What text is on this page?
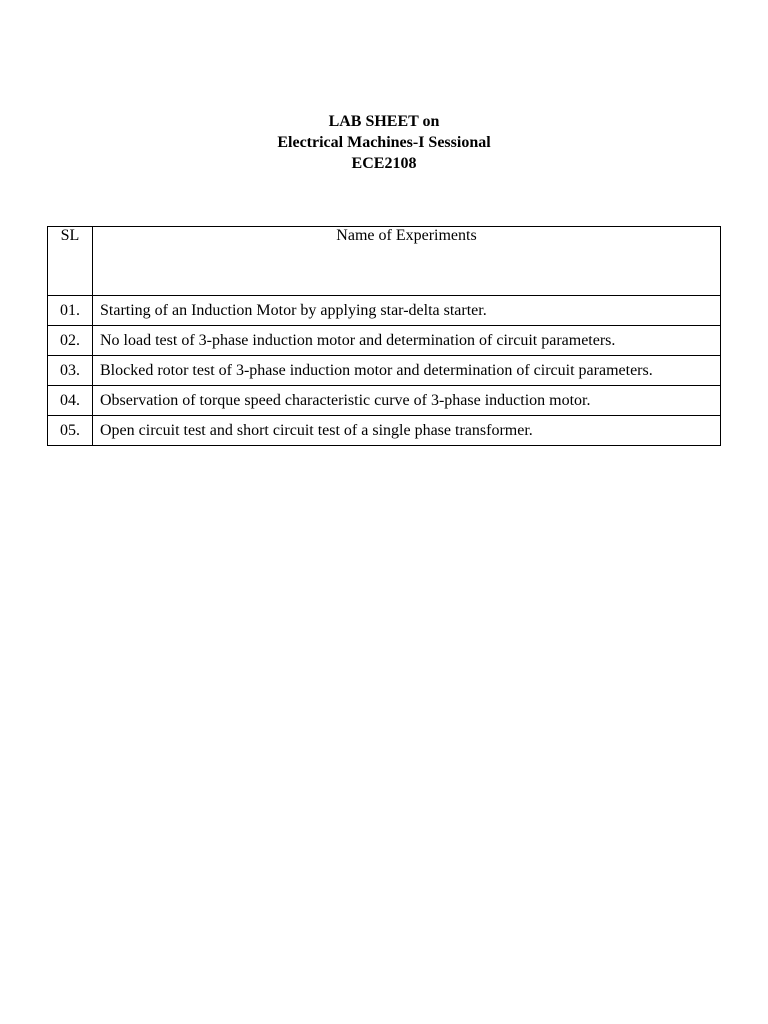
LAB SHEET on
Electrical Machines-I Sessional
ECE2108
SL	Name of Experiments
01.	Starting of an Induction Motor by applying star-delta starter.
02.	No load test of 3-phase induction motor and determination of circuit parameters.
03.	Blocked rotor test of 3-phase induction motor and determination of circuit parameters.
04.	Observation of torque speed characteristic curve of 3-phase induction motor.
05.	Open circuit test and short circuit test of a single phase transformer.
